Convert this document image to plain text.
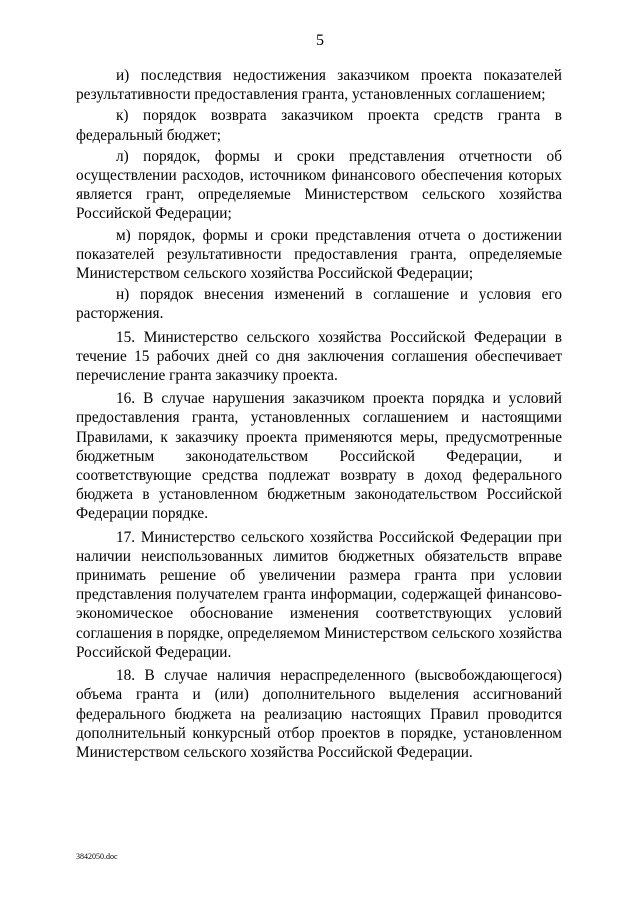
5

и) последствия недостижения заказчиком проекта показателей результативности предоставления гранта, установленных соглашением;

к) порядок возврата заказчиком проекта средств гранта в федеральный бюджет;

л) порядок, формы и сроки представления отчетности об осуществлении расходов, источником финансового обеспечения которых является грант, определяемые Министерством сельского хозяйства Российской Федерации;

м) порядок, формы и сроки представления отчета о достижении показателей результативности предоставления гранта, определяемые Министерством сельского хозяйства Российской Федерации;

н) порядок внесения изменений в соглашение и условия его расторжения.

15. Министерство сельского хозяйства Российской Федерации в течение 15 рабочих дней со дня заключения соглашения обеспечивает перечисление гранта заказчику проекта.

16. В случае нарушения заказчиком проекта порядка и условий предоставления гранта, установленных соглашением и настоящими Правилами, к заказчику проекта применяются меры, предусмотренные бюджетным законодательством Российской Федерации, и соответствующие средства подлежат возврату в доход федерального бюджета в установленном бюджетным законодательством Российской Федерации порядке.

17. Министерство сельского хозяйства Российской Федерации при наличии неиспользованных лимитов бюджетных обязательств вправе принимать решение об увеличении размера гранта при условии представления получателем гранта информации, содержащей финансово-экономическое обоснование изменения соответствующих условий соглашения в порядке, определяемом Министерством сельского хозяйства Российской Федерации.

18. В случае наличия нераспределенного (высвобождающегося) объема гранта и (или) дополнительного выделения ассигнований федерального бюджета на реализацию настоящих Правил проводится дополнительный конкурсный отбор проектов в порядке, установленном Министерством сельского хозяйства Российской Федерации.

3842050.doc
